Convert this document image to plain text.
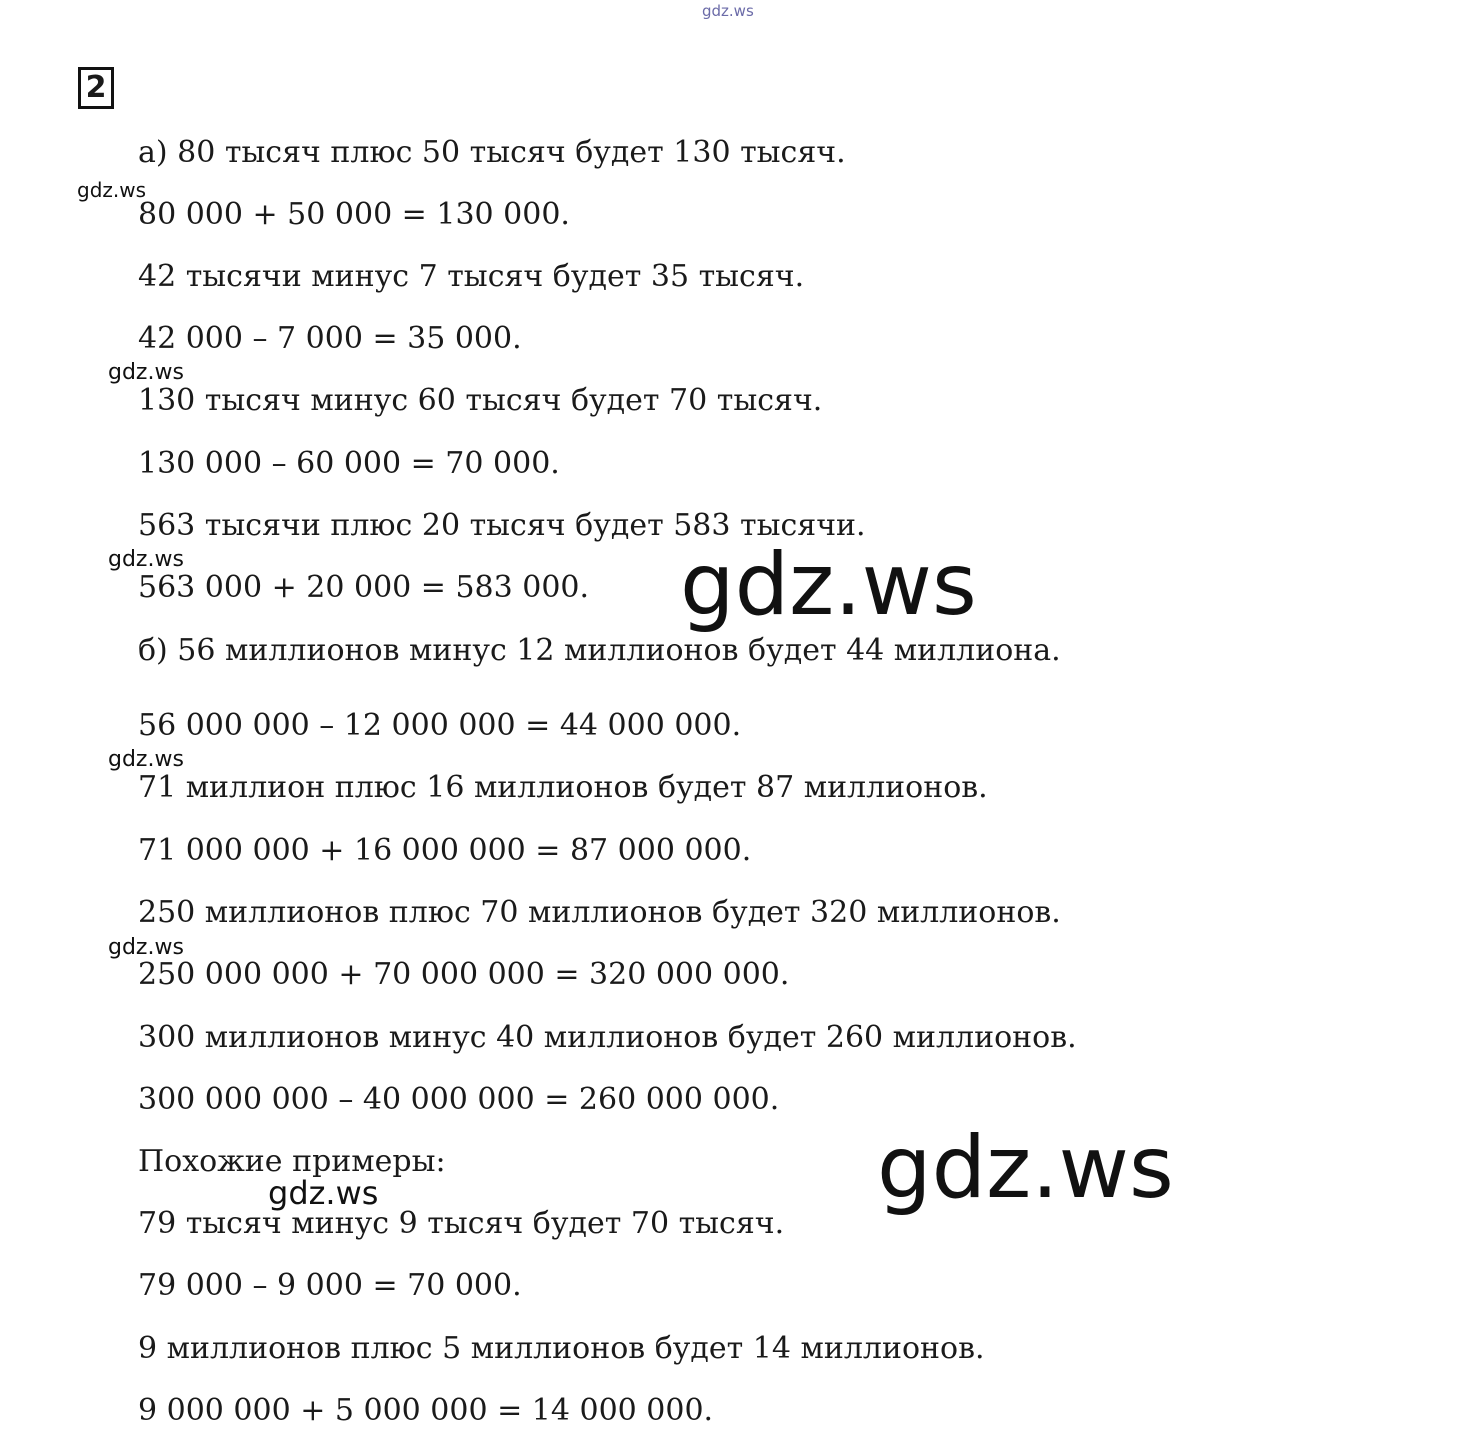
gdz.ws
2
а) 80 тысяч плюс 50 тысяч будет 130 тысяч.
80 000 + 50 000 = 130 000.
42 тысячи минус 7 тысяч будет 35 тысяч.
42 000 – 7 000 = 35 000.
130 тысяч минус 60 тысяч будет 70 тысяч.
130 000 – 60 000 = 70 000.
563 тысячи плюс 20 тысяч будет 583 тысячи.
563 000 + 20 000 = 583 000.
б) 56 миллионов минус 12 миллионов будет 44 миллиона.
56 000 000 – 12 000 000 = 44 000 000.
71 миллион плюс 16 миллионов будет 87 миллионов.
71 000 000 + 16 000 000 = 87 000 000.
250 миллионов плюс 70 миллионов будет 320 миллионов.
250 000 000 + 70 000 000 = 320 000 000.
300 миллионов минус 40 миллионов будет 260 миллионов.
300 000 000 – 40 000 000 = 260 000 000.
Похожие примеры:
79 тысяч минус 9 тысяч будет 70 тысяч.
79 000 – 9 000 = 70 000.
9 миллионов плюс 5 миллионов будет 14 миллионов.
9 000 000 + 5 000 000 = 14 000 000.
gdz.ws
gdz.ws
gdz.ws
gdz.ws
gdz.ws
gdz.ws
gdz.ws
gdz.ws
